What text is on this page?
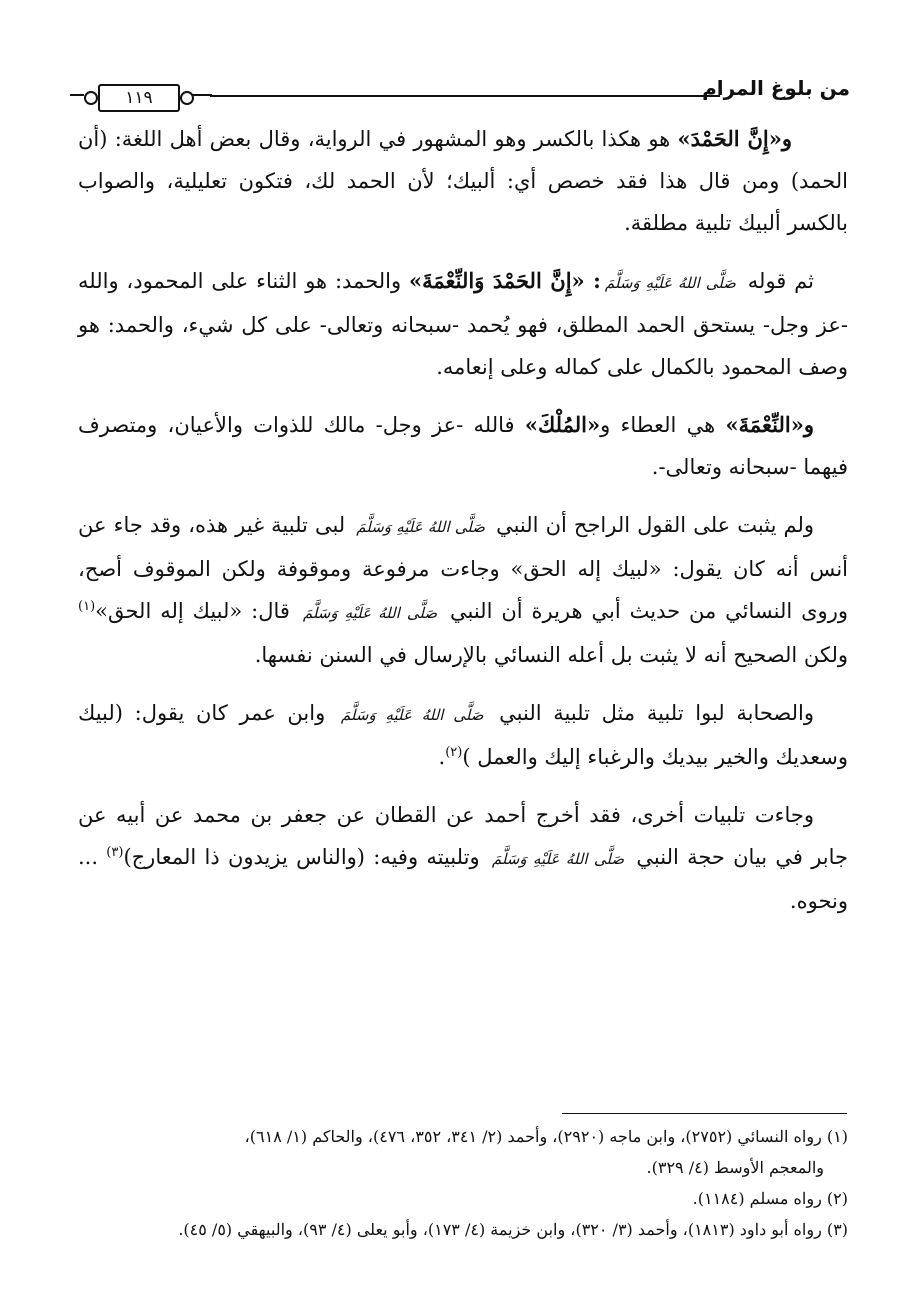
من بلوغ المرام
١١٩

و«إِنَّ الحَمْدَ» هو هكذا بالكسر وهو المشهور في الرواية، وقال بعض أهل اللغة: (أن الحمد) ومن قال هذا فقد خصص أي: ألبيك؛ لأن الحمد لك، فتكون تعليلية، والصواب بالكسر ألبيك تلبية مطلقة.

ثم قوله صَلَّى اللهُ عَلَيْهِ وَسَلَّمَ: «إِنَّ الحَمْدَ وَالنِّعْمَةَ» والحمد: هو الثناء على المحمود، والله -عز وجل- يستحق الحمد المطلق، فهو يُحمد -سبحانه وتعالى- على كل شيء، والحمد: هو وصف المحمود بالكمال على كماله وعلى إنعامه.

و«النِّعْمَةَ» هي العطاء و«المُلْكَ» فالله -عز وجل- مالك للذوات والأعيان، ومتصرف فيهما -سبحانه وتعالى-.

ولم يثبت على القول الراجح أن النبي صَلَّى اللهُ عَلَيْهِ وَسَلَّمَ لبى تلبية غير هذه، وقد جاء عن أنس أنه كان يقول: «لبيك إله الحق» وجاءت مرفوعة وموقوفة ولكن الموقوف أصح، وروى النسائي من حديث أبي هريرة أن النبي صَلَّى اللهُ عَلَيْهِ وَسَلَّمَ قال: «لبيك إله الحق»$^{(١)}$ ولكن الصحيح أنه لا يثبت بل أعله النسائي بالإرسال في السنن نفسها.

والصحابة لبوا تلبية مثل تلبية النبي صَلَّى اللهُ عَلَيْهِ وَسَلَّمَ وابن عمر كان يقول: (لبيك وسعديك والخير بيديك والرغباء إليك والعمل )$^{(٢)}$.

وجاءت تلبيات أخرى، فقد أخرج أحمد عن القطان عن جعفر بن محمد عن أبيه عن جابر في بيان حجة النبي صَلَّى اللهُ عَلَيْهِ وَسَلَّمَ وتلبيته وفيه: (والناس يزيدون ذا المعارج)$^{(٣)}$ ... ونحوه.

(١) رواه النسائي (٢٧٥٢)، وابن ماجه (٢٩٢٠)، وأحمد (٢/ ٣٤١، ٣٥٢، ٤٧٦)، والحاكم (١/ ٦١٨)،
والمعجم الأوسط (٤/ ٣٢٩).
(٢) رواه مسلم (١١٨٤).
(٣) رواه أبو داود (١٨١٣)، وأحمد (٣/ ٣٢٠)، وابن خزيمة (٤/ ١٧٣)، وأبو يعلى (٤/ ٩٣)، والبيهقي (٥/ ٤٥).
